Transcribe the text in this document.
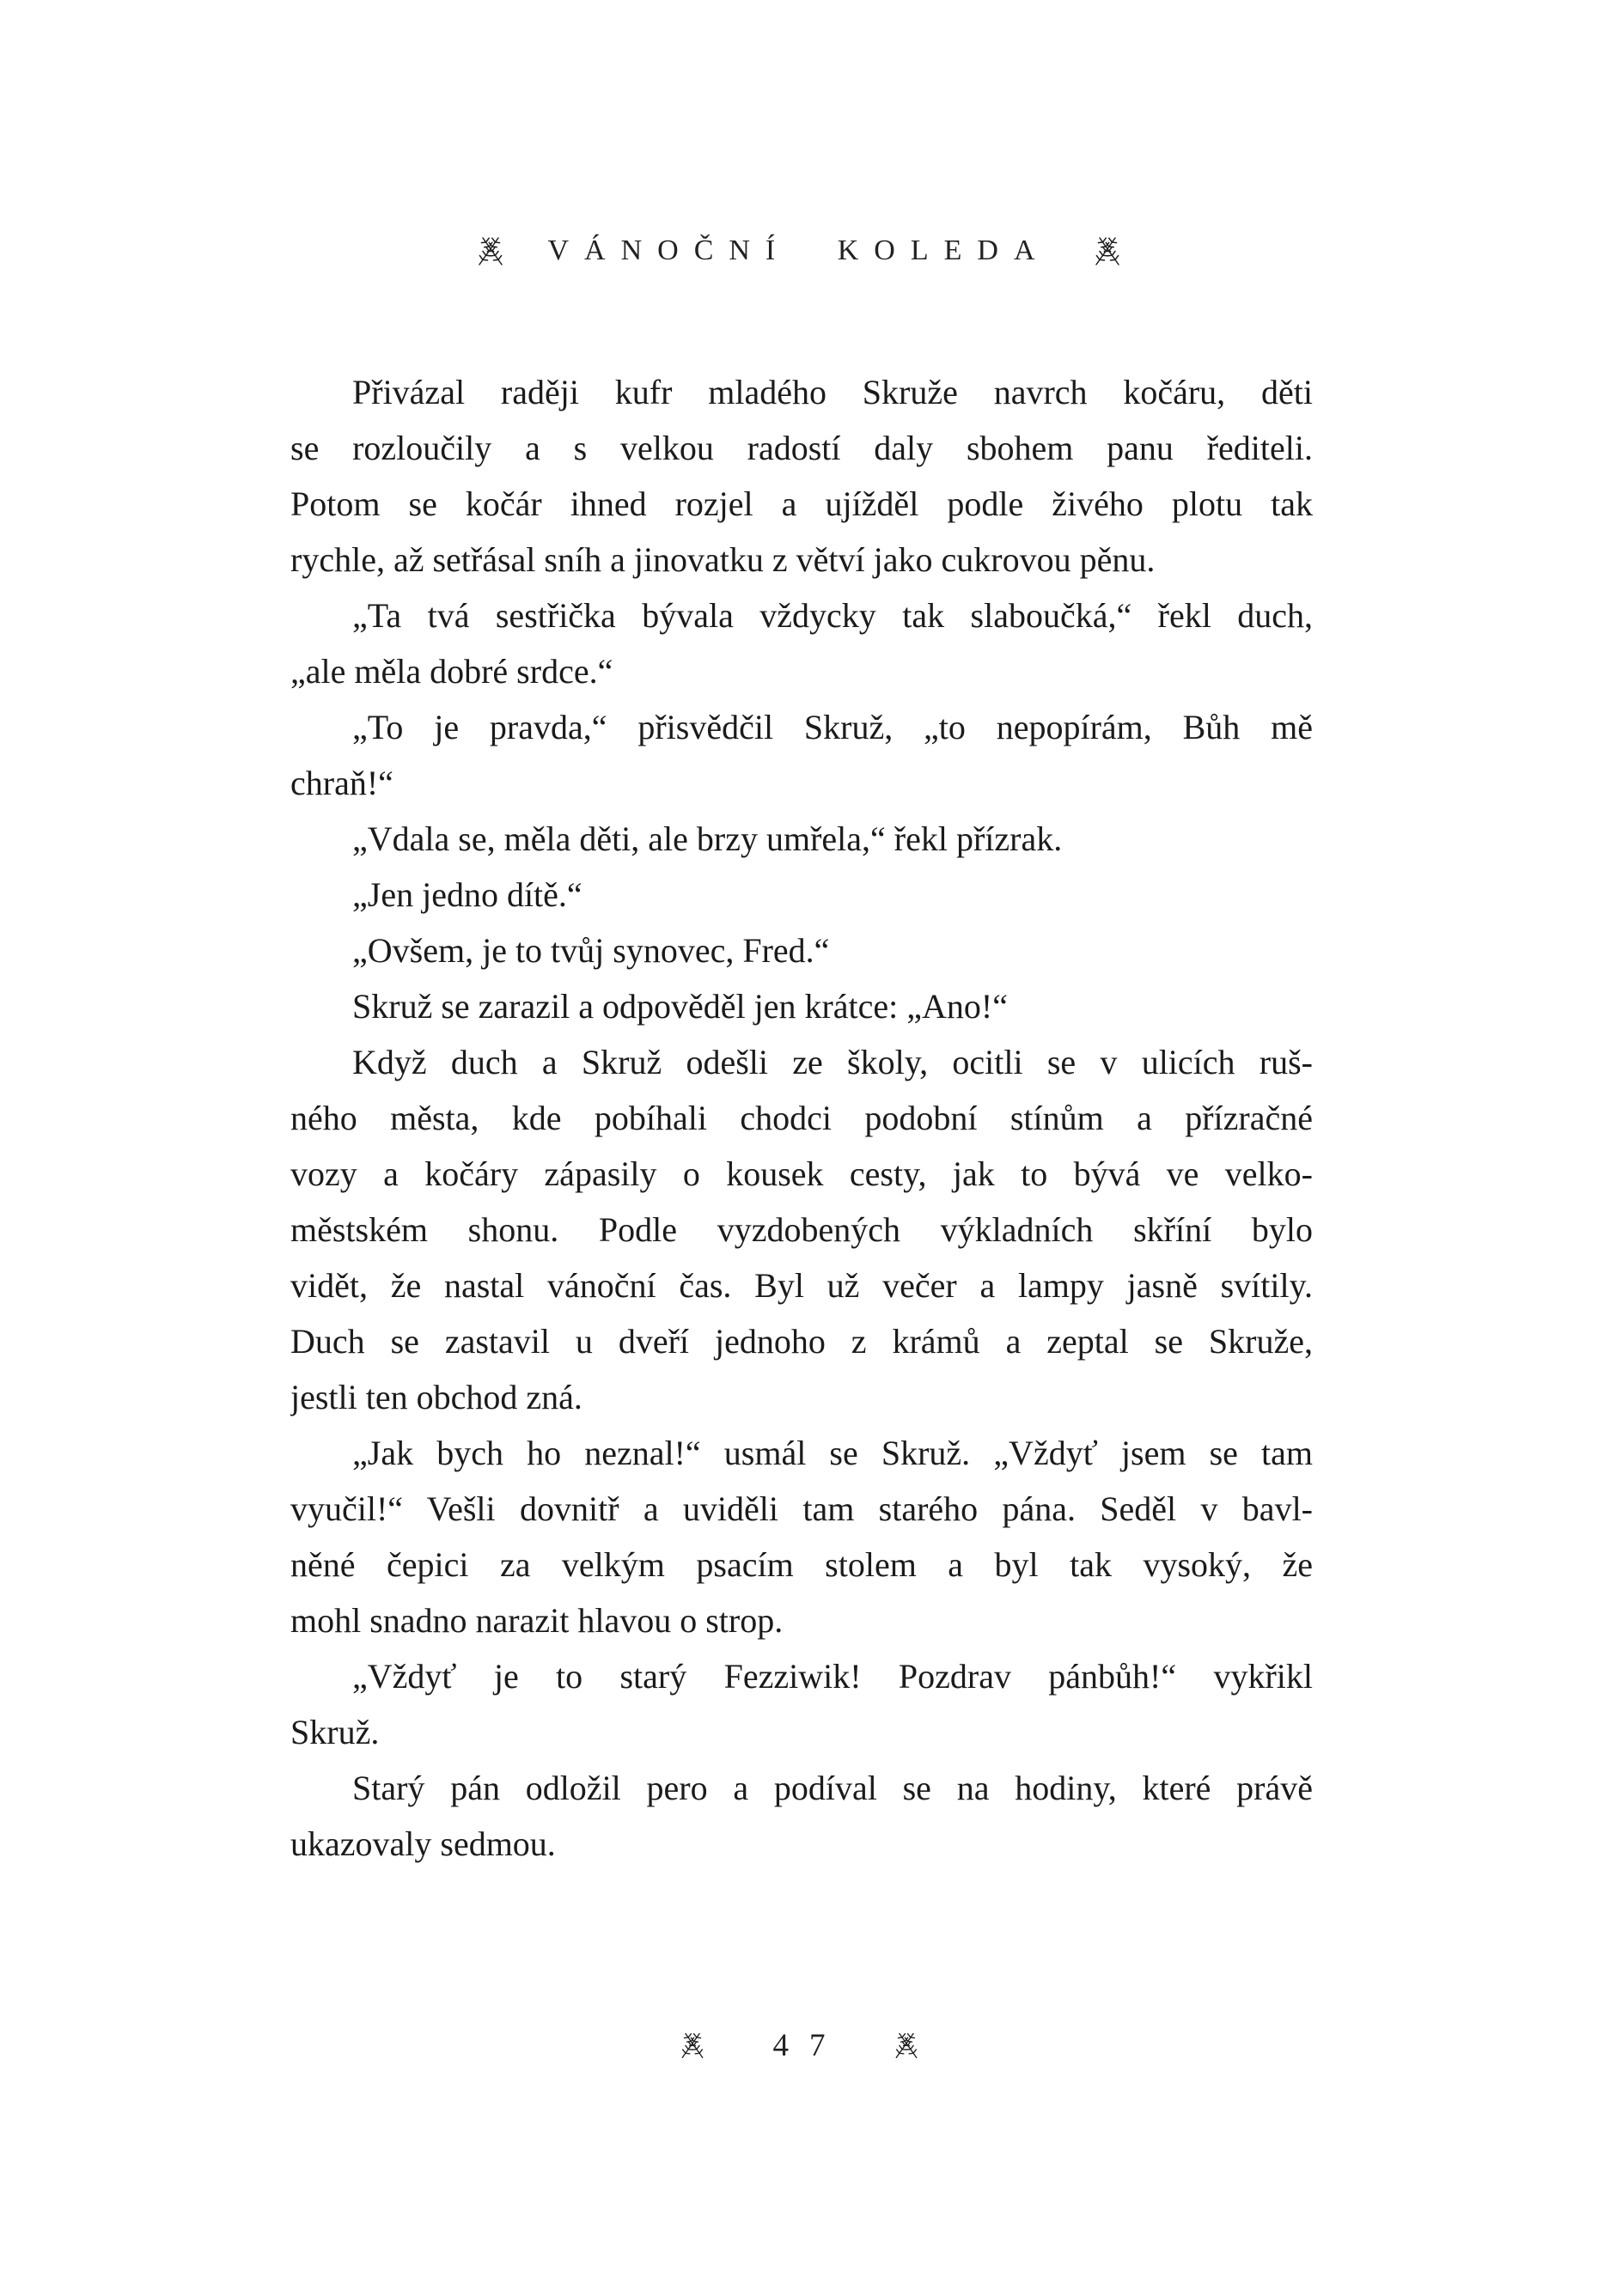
VÁNOČNÍ KOLEDA
Přivázal raději kufr mladého Skruže navrch kočáru, děti
se rozloučily a s velkou radostí daly sbohem panu řediteli.
Potom se kočár ihned rozjel a ujížděl podle živého plotu tak
rychle, až setřásal sníh a jinovatku z větví jako cukrovou pěnu.
„Ta tvá sestřička bývala vždycky tak slaboučká,“ řekl duch,
„ale měla dobré srdce.“
„To je pravda,“ přisvědčil Skruž, „to nepopírám, Bůh mě
chraň!“
„Vdala se, měla děti, ale brzy umřela,“ řekl přízrak.
„Jen jedno dítě.“
„Ovšem, je to tvůj synovec, Fred.“
Skruž se zarazil a odpověděl jen krátce: „Ano!“
Když duch a Skruž odešli ze školy, ocitli se v ulicích ruš-
ného města, kde pobíhali chodci podobní stínům a přízračné
vozy a kočáry zápasily o kousek cesty, jak to bývá ve velko-
městském shonu. Podle vyzdobených výkladních skříní bylo
vidět, že nastal vánoční čas. Byl už večer a lampy jasně svítily.
Duch se zastavil u dveří jednoho z krámů a zeptal se Skruže,
jestli ten obchod zná.
„Jak bych ho neznal!“ usmál se Skruž. „Vždyť jsem se tam
vyučil!“ Vešli dovnitř a uviděli tam starého pána. Seděl v bavl-
něné čepici za velkým psacím stolem a byl tak vysoký, že
mohl snadno narazit hlavou o strop.
„Vždyť je to starý Fezziwik! Pozdrav pánbůh!“ vykřikl
Skruž.
Starý pán odložil pero a podíval se na hodiny, které právě
ukazovaly sedmou.
47
